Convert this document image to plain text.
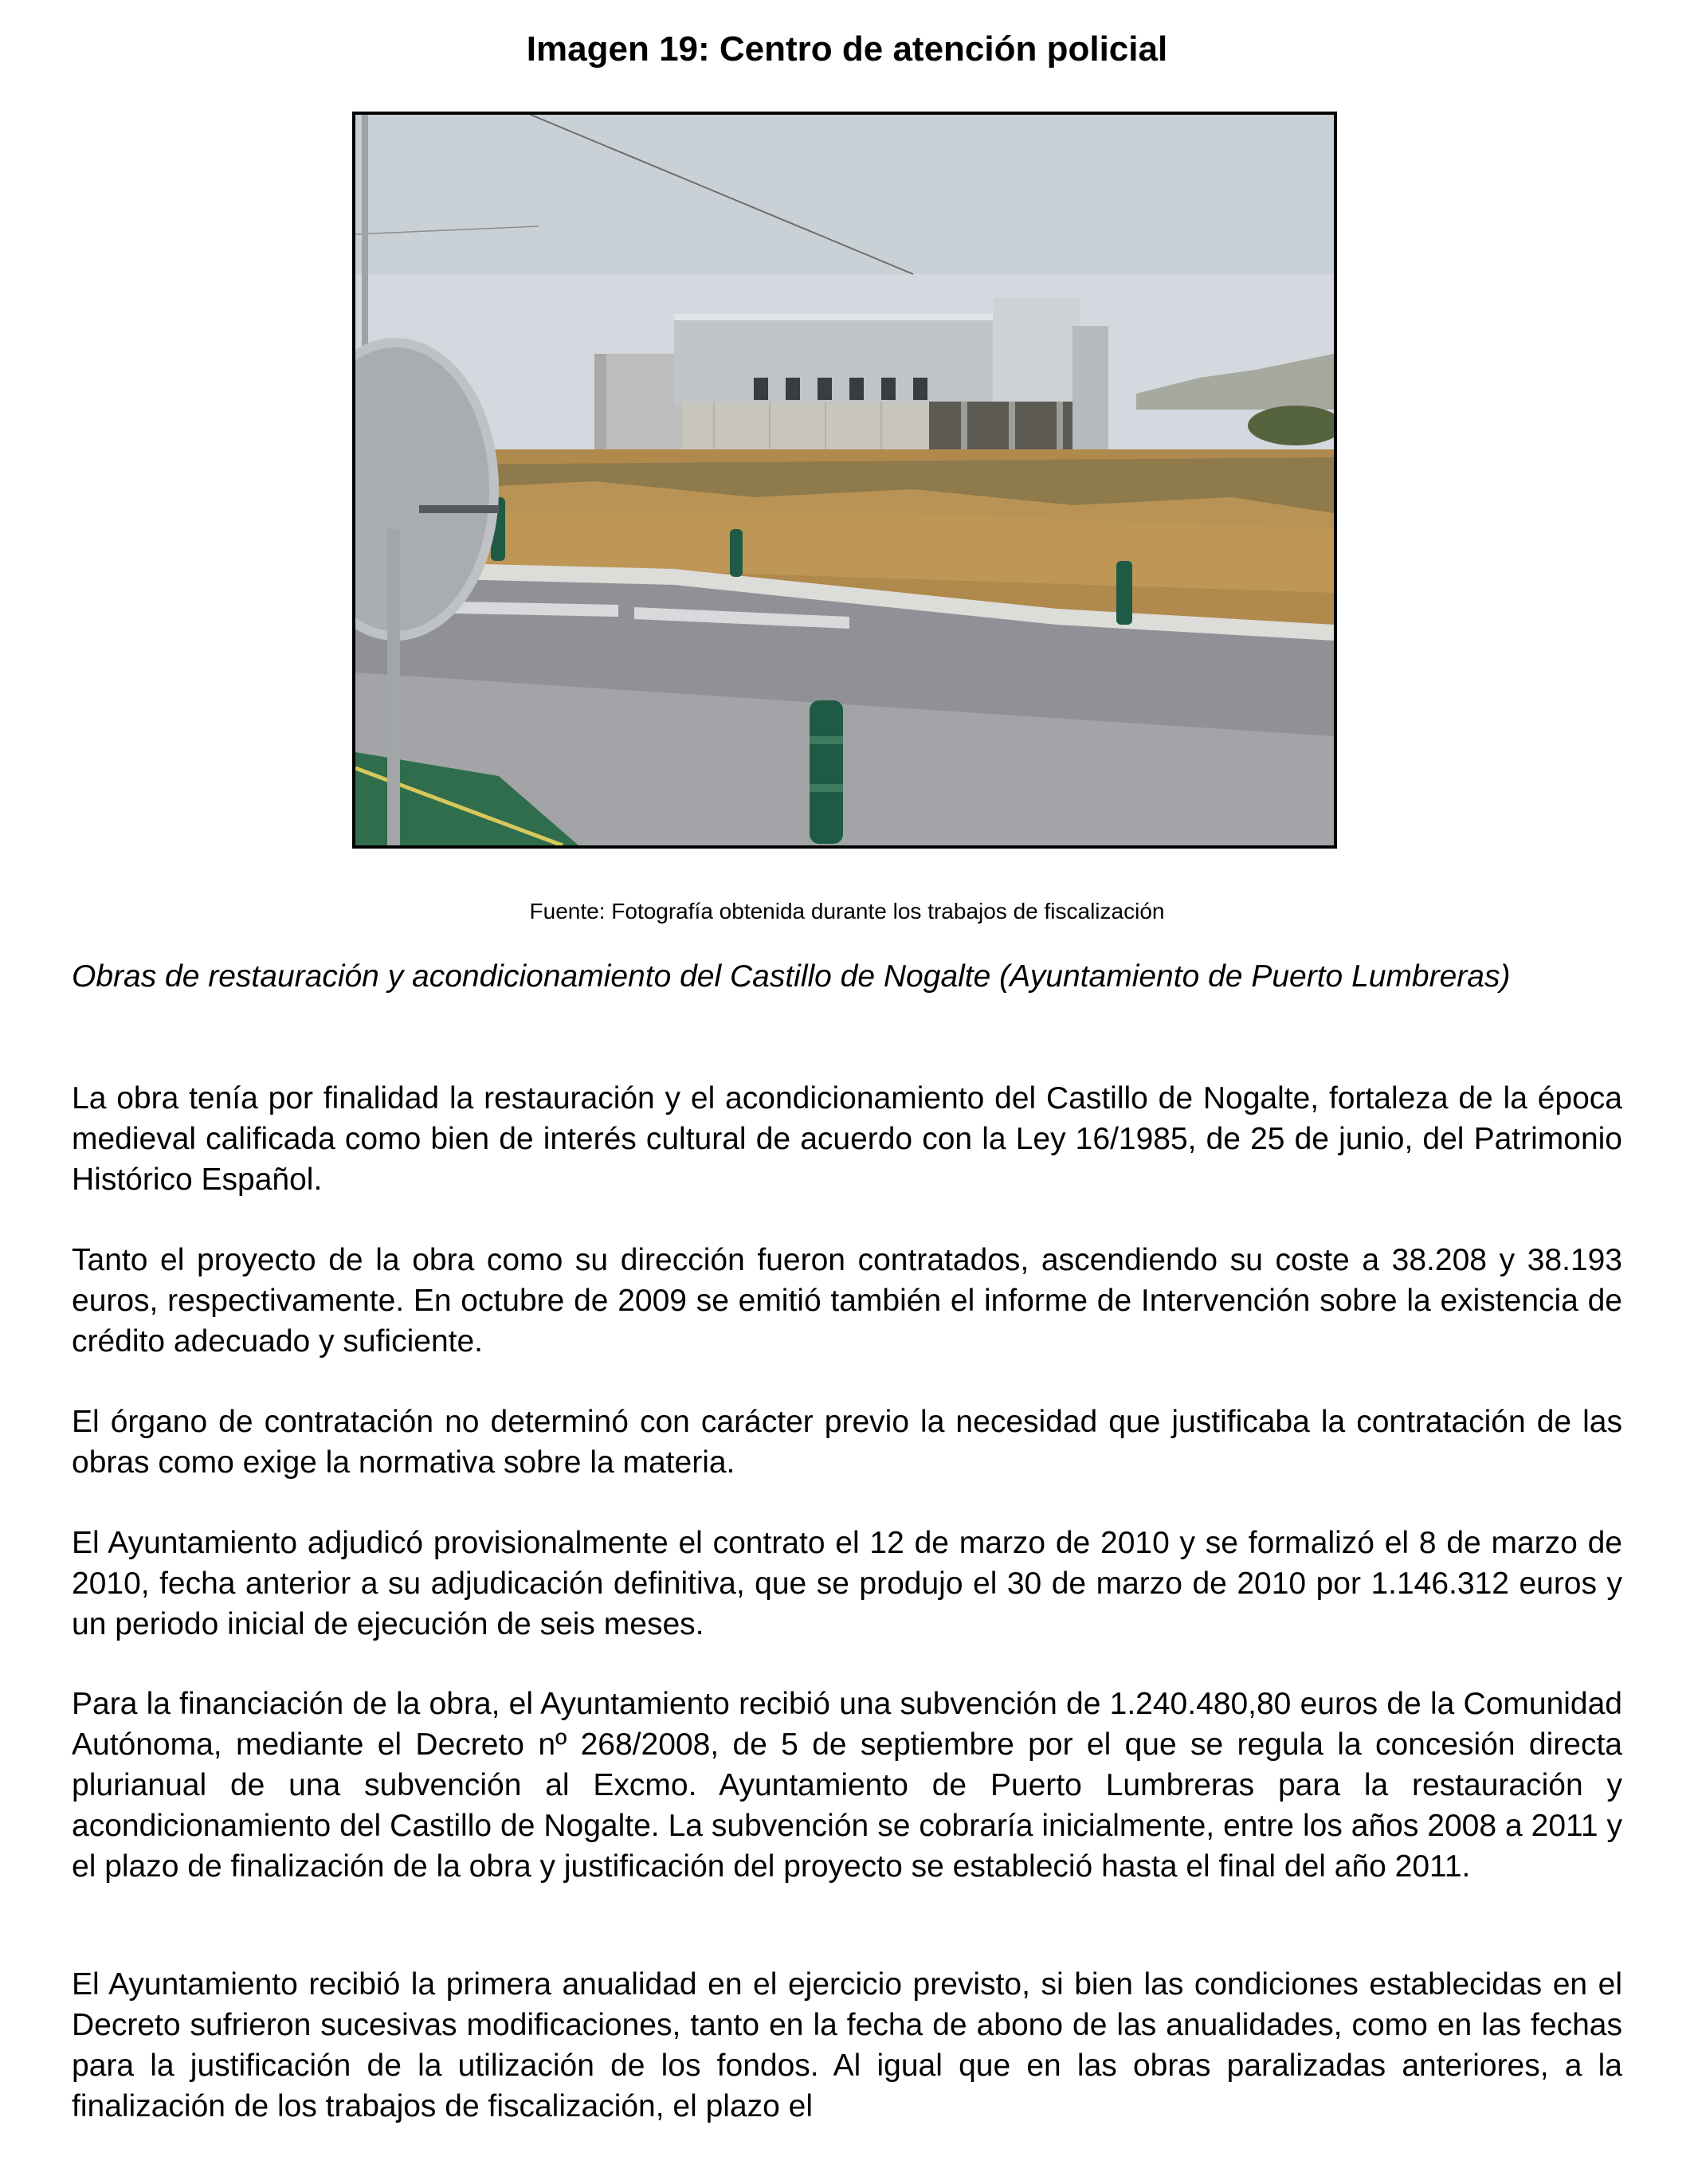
Imagen 19: Centro de atención policial
Fuente: Fotografía obtenida durante los trabajos de fiscalización

Obras de restauración y acondicionamiento del Castillo de Nogalte (Ayuntamiento de Puerto Lumbreras)

La obra tenía por finalidad la restauración y el acondicionamiento del Castillo de Nogalte, fortaleza de la época medieval calificada como bien de interés cultural de acuerdo con la Ley 16/1985, de 25 de junio, del Patrimonio Histórico Español.

Tanto el proyecto de la obra como su dirección fueron contratados, ascendiendo su coste a 38.208 y 38.193 euros, respectivamente. En octubre de 2009 se emitió también el informe de Intervención sobre la existencia de crédito adecuado y suficiente.

El órgano de contratación no determinó con carácter previo la necesidad que justificaba la contratación de las obras como exige la normativa sobre la materia.

El Ayuntamiento adjudicó provisionalmente el contrato el 12 de marzo de 2010 y se formalizó el 8 de marzo de 2010, fecha anterior a su adjudicación definitiva, que se produjo el 30 de marzo de 2010 por 1.146.312 euros y un periodo inicial de ejecución de seis meses.

Para la financiación de la obra, el Ayuntamiento recibió una subvención de 1.240.480,80 euros de la Comunidad Autónoma, mediante el Decreto nº 268/2008, de 5 de septiembre por el que se regula la concesión directa plurianual de una subvención al Excmo. Ayuntamiento de Puerto Lumbreras para la restauración y acondicionamiento del Castillo de Nogalte. La subvención se cobraría inicialmente, entre los años 2008 a 2011 y el plazo de finalización de la obra y justificación del proyecto se estableció hasta el final del año 2011.

El Ayuntamiento recibió la primera anualidad en el ejercicio previsto, si bien las condiciones establecidas en el Decreto sufrieron sucesivas modificaciones, tanto en la fecha de abono de las anualidades, como en las fechas para la justificación de la utilización de los fondos. Al igual que en las obras paralizadas anteriores, a la finalización de los trabajos de fiscalización, el plazo el
